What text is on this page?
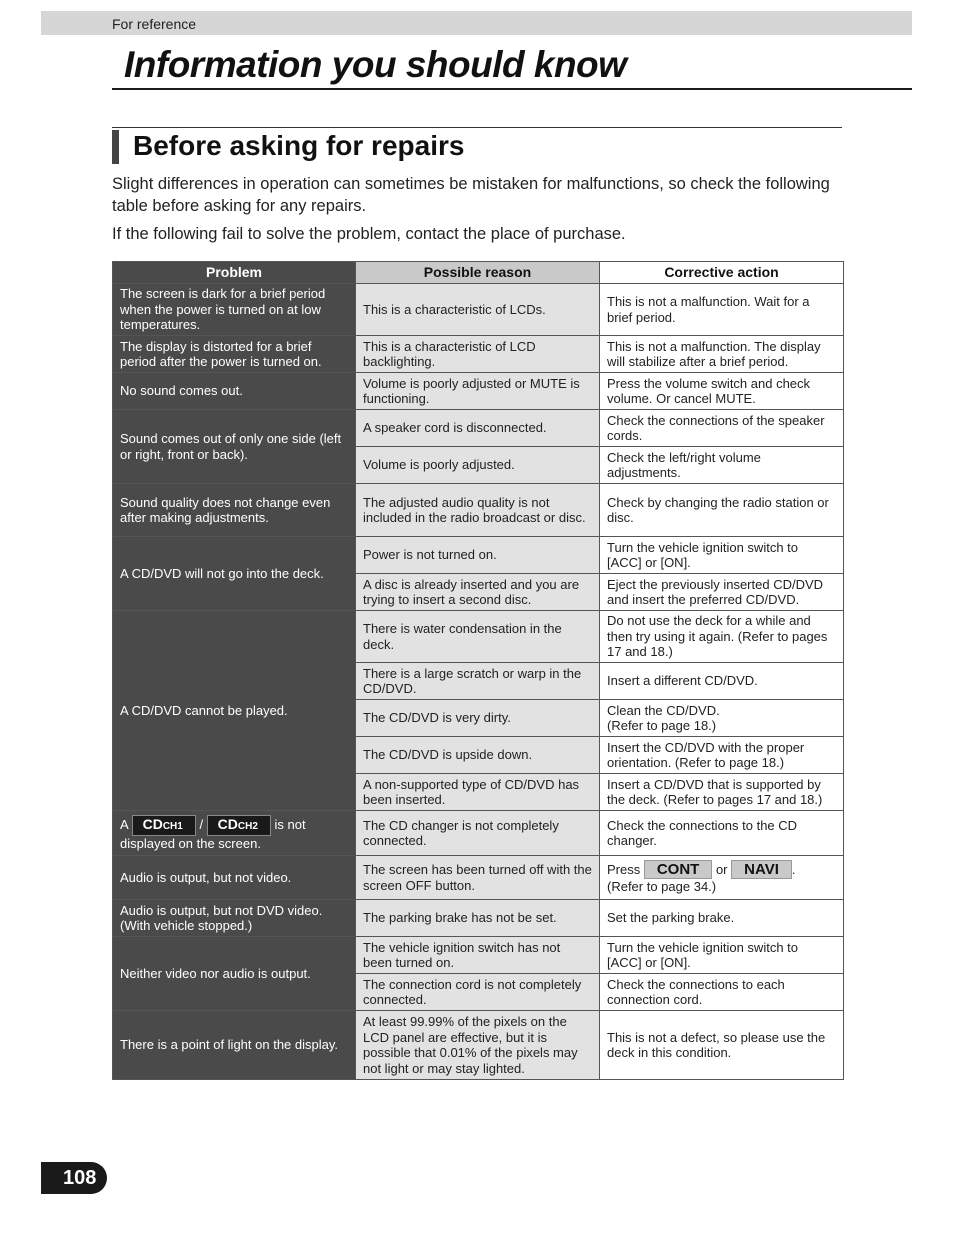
For reference
Information you should know
Before asking for repairs

Slight differences in operation can sometimes be mistaken for malfunctions, so check the following table before asking for any repairs.

If the following fail to solve the problem, contact the place of purchase.

Problem	Possible reason	Corrective action
The screen is dark for a brief period when the power is turned on at low temperatures.	This is a characteristic of LCDs.	This is not a malfunction. Wait for a brief period.
The display is distorted for a brief period after the power is turned on.	This is a characteristic of LCD backlighting.	This is not a malfunction. The display will stabilize after a brief period.
No sound comes out.	Volume is poorly adjusted or MUTE is functioning.	Press the volume switch and check volume. Or cancel MUTE.
Sound comes out of only one side (left or right, front or back).	A speaker cord is disconnected.	Check the connections of the speaker cords.
	Volume is poorly adjusted.	Check the left/right volume adjustments.
Sound quality does not change even after making adjustments.	The adjusted audio quality is not included in the radio broadcast or disc.	Check by changing the radio station or disc.
A CD/DVD will not go into the deck.	Power is not turned on.	Turn the vehicle ignition switch to [ACC] or [ON].
	A disc is already inserted and you are trying to insert a second disc.	Eject the previously inserted CD/DVD and insert the preferred CD/DVD.
A CD/DVD cannot be played.	There is water condensation in the deck.	Do not use the deck for a while and then try using it again. (Refer to pages 17 and 18.)
	There is a large scratch or warp in the CD/DVD.	Insert a different CD/DVD.
	The CD/DVD is very dirty.	Clean the CD/DVD.
(Refer to page 18.)
	The CD/DVD is upside down.	Insert the CD/DVD with the proper orientation. (Refer to page 18.)
	A non-supported type of CD/DVD has been inserted.	Insert a CD/DVD that is supported by the deck. (Refer to pages 17 and 18.)
A CDCH1 / CDCH2 is not displayed on the screen.	The CD changer is not completely connected.	Check the connections to the CD changer.
Audio is output, but not video.	The screen has been turned off with the screen OFF button.	Press CONT or NAVI .
(Refer to page 34.)
Audio is output, but not DVD video. (With vehicle stopped.)	The parking brake has not be set.	Set the parking brake.
Neither video nor audio is output.	The vehicle ignition switch has not been turned on.	Turn the vehicle ignition switch to [ACC] or [ON].
	The connection cord is not completely connected.	Check the connections to each connection cord.
There is a point of light on the display.	At least 99.99% of the pixels on the LCD panel are effective, but it is possible that 0.01% of the pixels may not light or may stay lighted.	This is not a defect, so please use the deck in this condition.
108
